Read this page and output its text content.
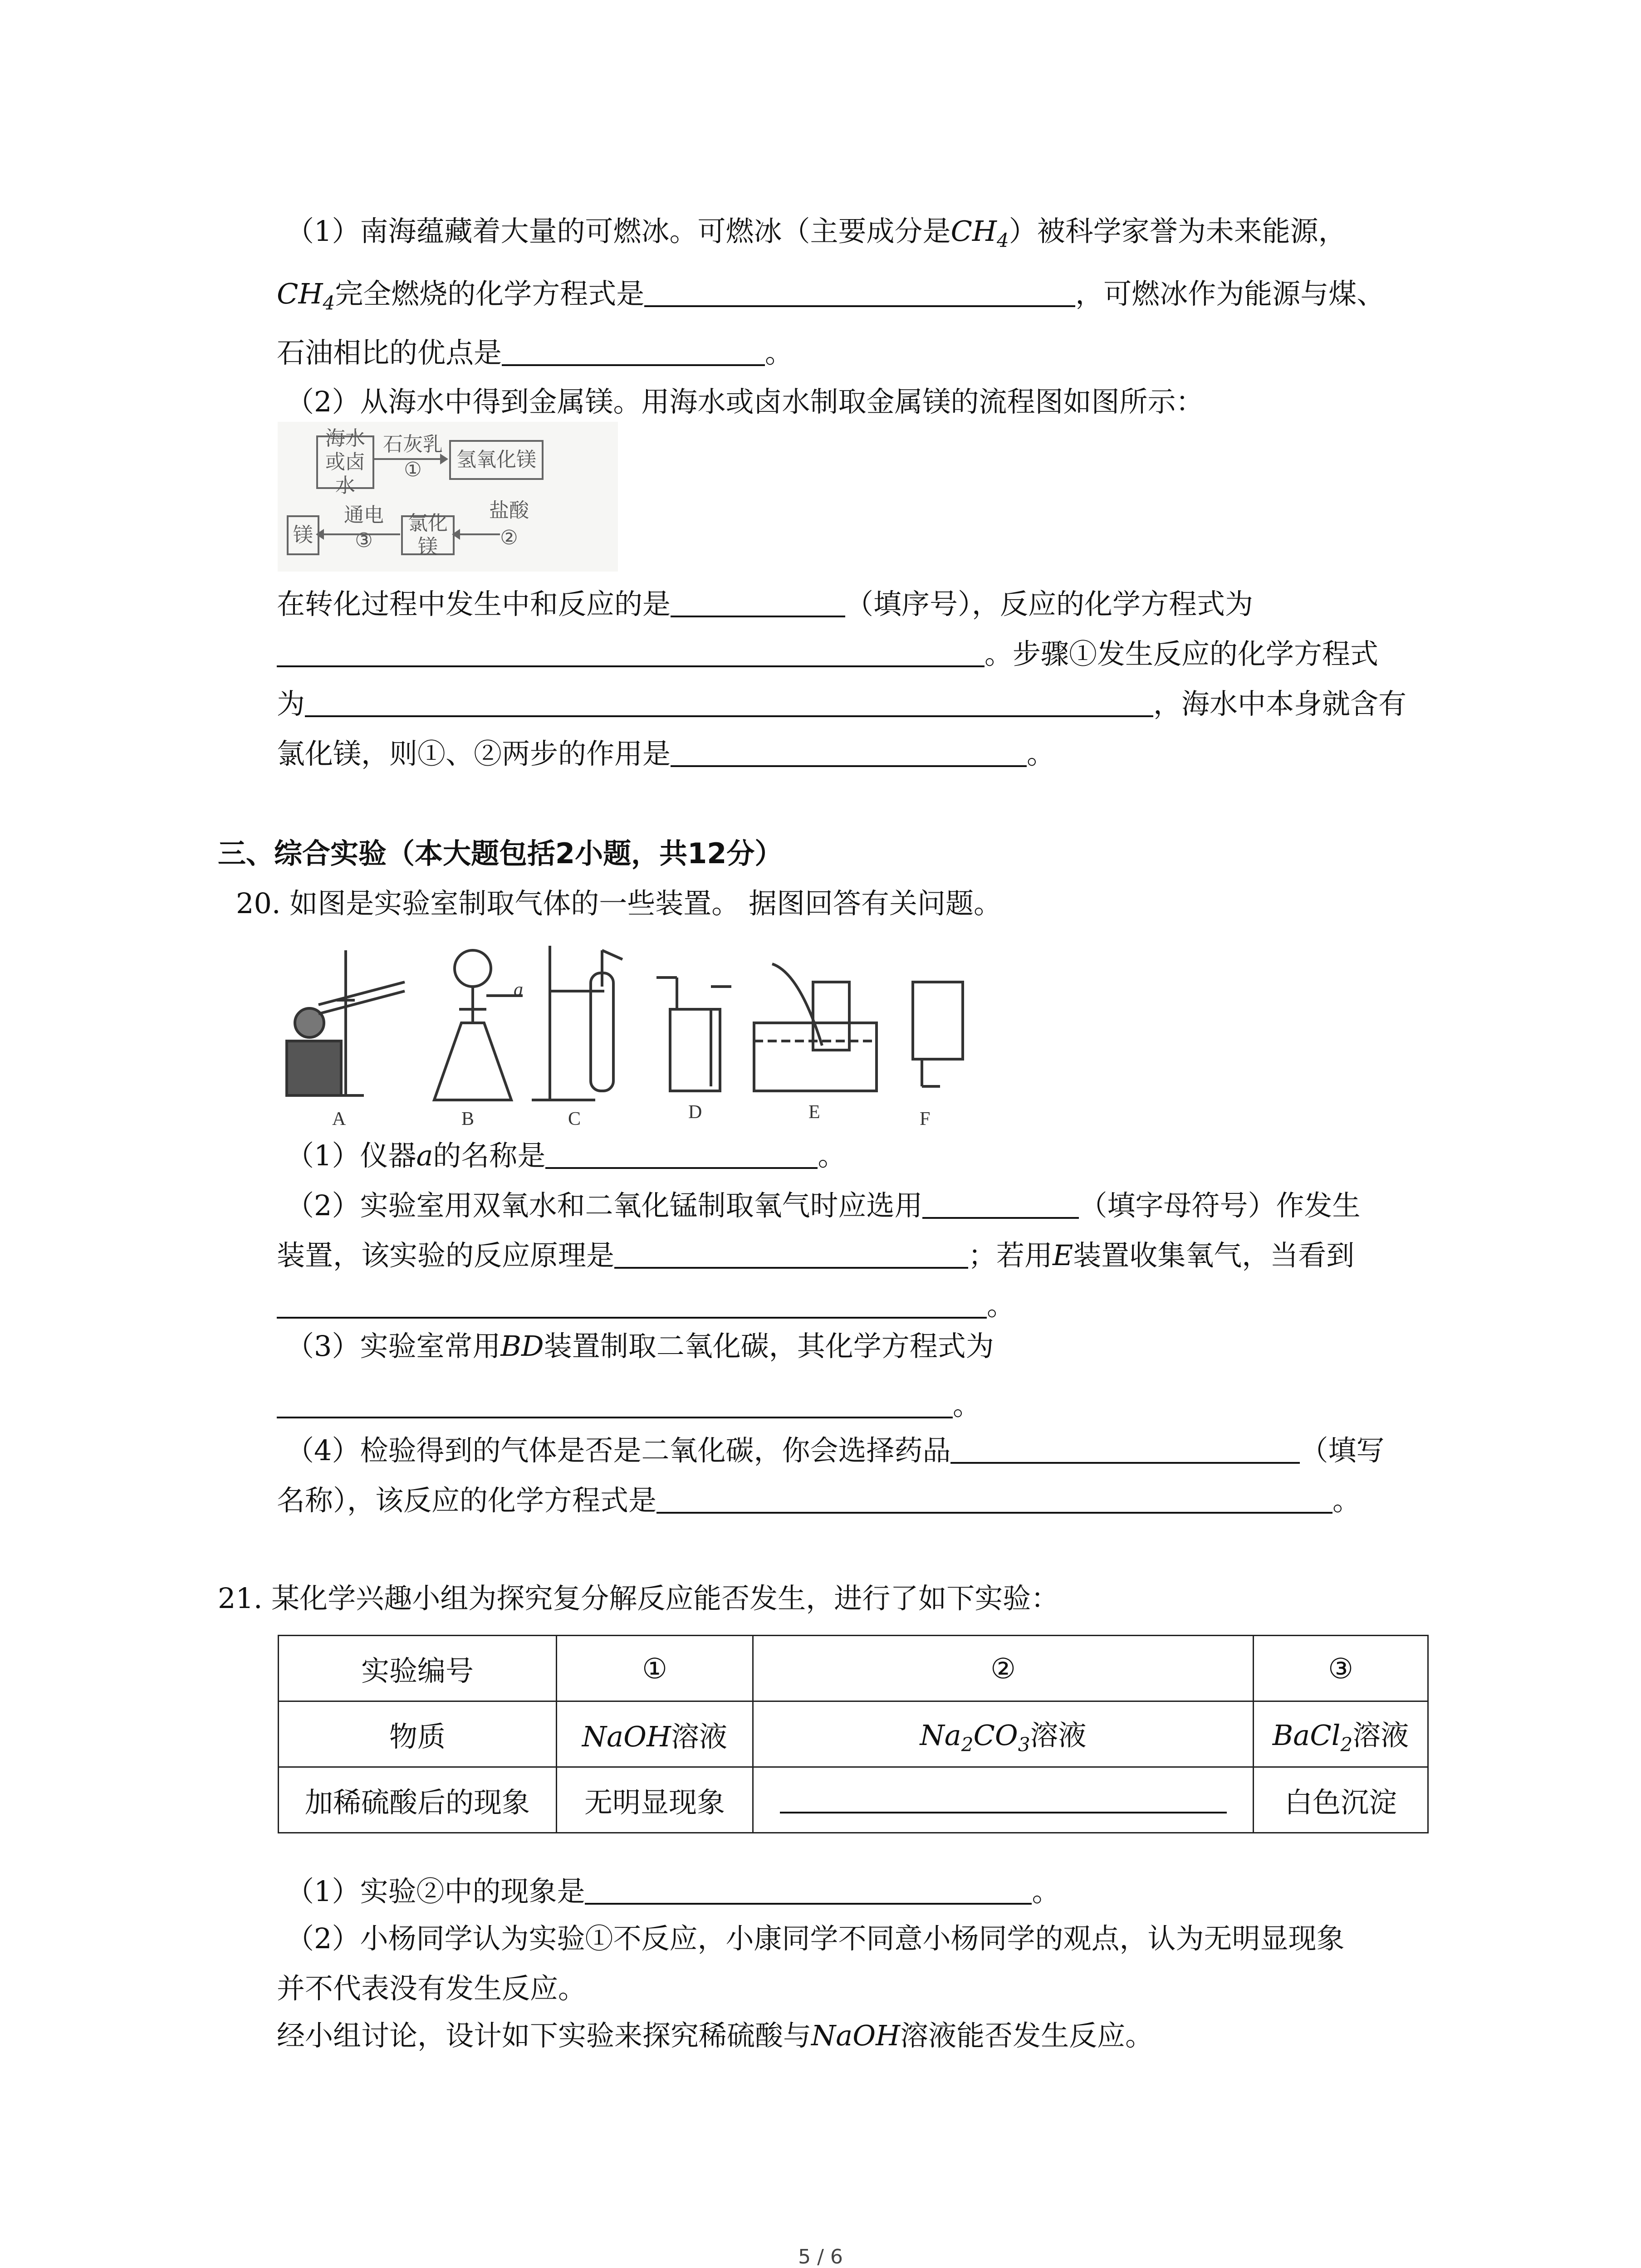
（1）南海蕴藏着大量的可燃冰。可燃冰（主要成分是$CH_4$）被科学家誉为未来能源，
$CH_4$完全燃烧的化学方程式是	，可燃冰作为能源与煤、
石油相比的优点是	。
（2）从海水中得到金属镁。用海水或卤水制取金属镁的流程图如图所示：
海水或卤水
石灰乳
①	氢氧化镁
盐酸
②
氯化镁
通电
③
镁
在转化过程中发生中和反应的是	（填序号），反应的化学方程式为
。步骤①发生反应的化学方程式
为	，海水中本身就含有
氯化镁，则①、②两步的作用是	。
三、综合实验（本大题包括2小题，共12分）
20. 如图是实验室制取气体的一些装置。 据图回答有关问题。
A	B	C	D	E	F
a
（1）仪器a的名称是	。
（2）实验室用双氧水和二氧化锰制取氧气时应选用	（填字母符号）作发生
装置，该实验的反应原理是	；若用E装置收集氧气，当看到
。
（3）实验室常用BD装置制取二氧化碳，其化学方程式为
。
（4）检验得到的气体是否是二氧化碳，你会选择药品	（填写
名称），该反应的化学方程式是	。
21. 某化学兴趣小组为探究复分解反应能否发生，进行了如下实验：
实验编号	①	②	③
物质	NaOH溶液	$Na_2CO_3$溶液	BaCl$_2$溶液
加稀硫酸后的现象	无明显现象		白色沉淀
（1）实验②中的现象是	。
（2）小杨同学认为实验①不反应，小康同学不同意小杨同学的观点，认为无明显现象
并不代表没有发生反应。
经小组讨论，设计如下实验来探究稀硫酸与NaOH溶液能否发生反应。
5 / 6
